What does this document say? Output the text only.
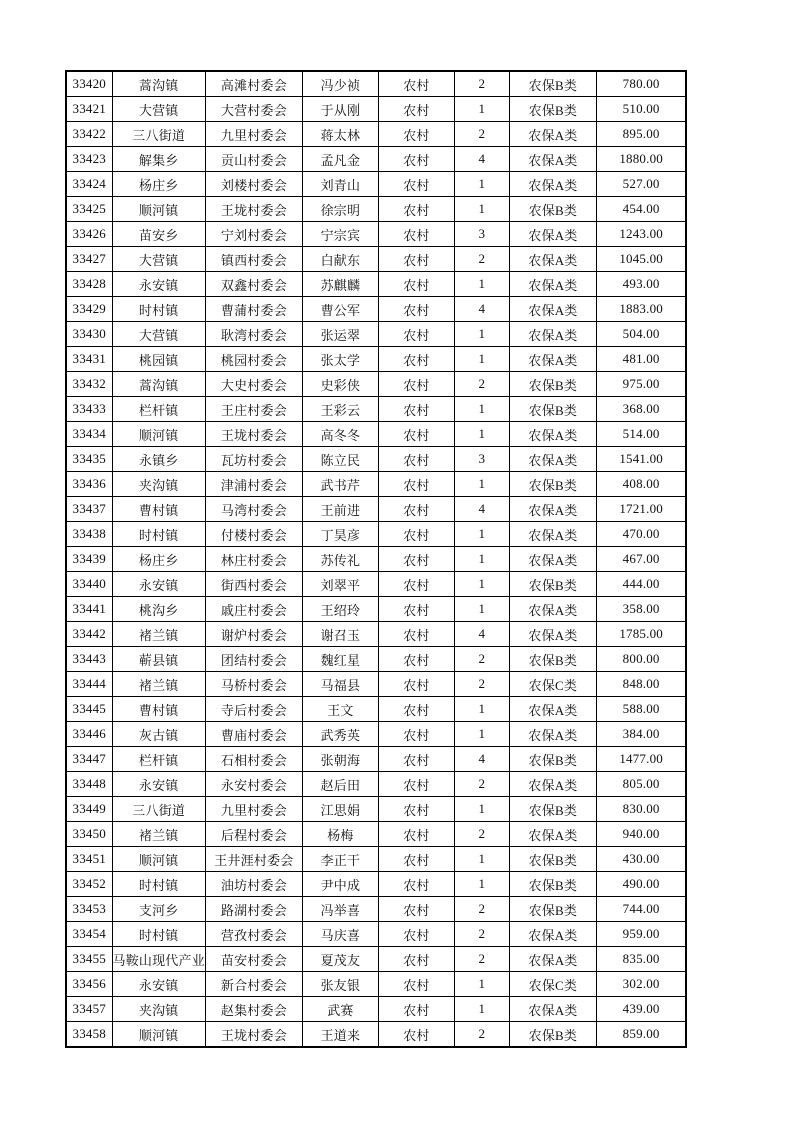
33420	蒿沟镇	高滩村委会	冯少祯	农村	2	农保B类	780.00

33421	大营镇	大营村委会	于从刚	农村	1	农保B类	510.00

33422	三八街道	九里村委会	蒋太林	农村	2	农保A类	895.00

33423	解集乡	贡山村委会	孟凡金	农村	4	农保A类	1880.00

33424	杨庄乡	刘楼村委会	刘青山	农村	1	农保A类	527.00

33425	顺河镇	王垅村委会	徐宗明	农村	1	农保B类	454.00

33426	苗安乡	宁刘村委会	宁宗宾	农村	3	农保A类	1243.00

33427	大营镇	镇西村委会	白献东	农村	2	农保A类	1045.00

33428	永安镇	双鑫村委会	苏麒麟	农村	1	农保A类	493.00

33429	时村镇	曹蒲村委会	曹公军	农村	4	农保A类	1883.00

33430	大营镇	耿湾村委会	张运翠	农村	1	农保A类	504.00

33431	桃园镇	桃园村委会	张太学	农村	1	农保A类	481.00

33432	蒿沟镇	大史村委会	史彩侠	农村	2	农保B类	975.00

33433	栏杆镇	王庄村委会	王彩云	农村	1	农保B类	368.00

33434	顺河镇	王垅村委会	高冬冬	农村	1	农保A类	514.00

33435	永镇乡	瓦坊村委会	陈立民	农村	3	农保A类	1541.00

33436	夹沟镇	津浦村委会	武书芹	农村	1	农保B类	408.00

33437	曹村镇	马湾村委会	王前进	农村	4	农保A类	1721.00

33438	时村镇	付楼村委会	丁昊彦	农村	1	农保A类	470.00

33439	杨庄乡	林庄村委会	苏传礼	农村	1	农保A类	467.00

33440	永安镇	街西村委会	刘翠平	农村	1	农保B类	444.00

33441	桃沟乡	戚庄村委会	王绍玲	农村	1	农保A类	358.00

33442	褚兰镇	谢炉村委会	谢召玉	农村	4	农保A类	1785.00

33443	蕲县镇	团结村委会	魏红星	农村	2	农保B类	800.00

33444	褚兰镇	马桥村委会	马福县	农村	2	农保C类	848.00

33445	曹村镇	寺后村委会	王文	农村	1	农保A类	588.00

33446	灰古镇	曹庙村委会	武秀英	农村	1	农保A类	384.00

33447	栏杆镇	石相村委会	张朝海	农村	4	农保B类	1477.00

33448	永安镇	永安村委会	赵后田	农村	2	农保A类	805.00

33449	三八街道	九里村委会	江思娟	农村	1	农保B类	830.00

33450	褚兰镇	后程村委会	杨梅	农村	2	农保A类	940.00

33451	顺河镇	王井涯村委会	李正干	农村	1	农保B类	430.00

33452	时村镇	油坊村委会	尹中成	农村	1	农保B类	490.00

33453	支河乡	路湖村委会	冯举喜	农村	2	农保B类	744.00

33454	时村镇	营孜村委会	马庆喜	农村	2	农保A类	959.00

33455	马鞍山现代产业	苗安村委会	夏茂友	农村	2	农保A类	835.00

33456	永安镇	新合村委会	张友银	农村	1	农保C类	302.00

33457	夹沟镇	赵集村委会	武赛	农村	1	农保A类	439.00

33458	顺河镇	王垅村委会	王道来	农村	2	农保B类	859.00
